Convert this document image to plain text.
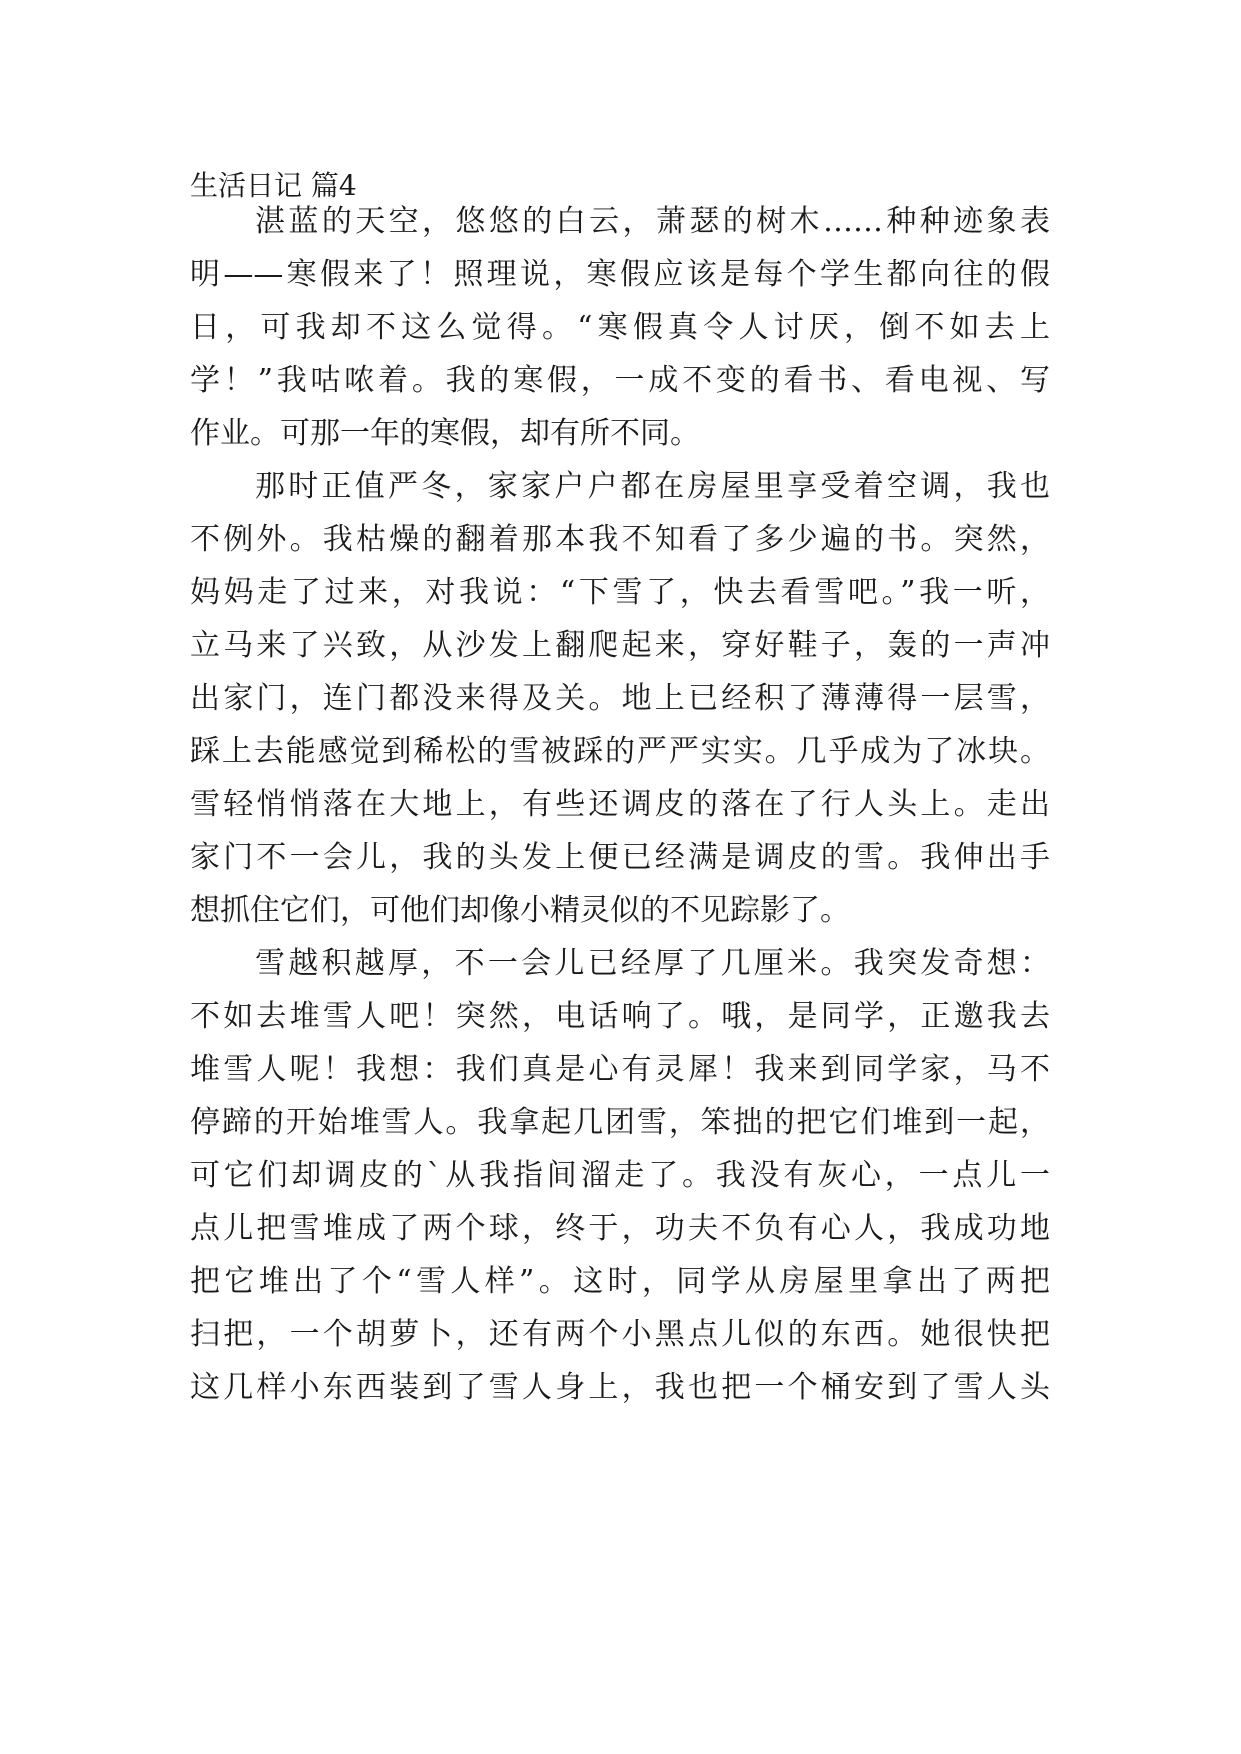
生活日记 篇4
湛蓝的天空，悠悠的白云，萧瑟的树木……种种迹象表
明——寒假来了！照理说，寒假应该是每个学生都向往的假
日，可我却不这么觉得。“寒假真令人讨厌，倒不如去上
学！”我咕哝着。我的寒假，一成不变的看书、看电视、写
作业。可那一年的寒假，却有所不同。
那时正值严冬，家家户户都在房屋里享受着空调，我也
不例外。我枯燥的翻着那本我不知看了多少遍的书。突然，
妈妈走了过来，对我说：“下雪了，快去看雪吧。”我一听，
立马来了兴致，从沙发上翻爬起来，穿好鞋子，轰的一声冲
出家门，连门都没来得及关。地上已经积了薄薄得一层雪，
踩上去能感觉到稀松的雪被踩的严严实实。几乎成为了冰块。
雪轻悄悄落在大地上，有些还调皮的落在了行人头上。走出
家门不一会儿，我的头发上便已经满是调皮的雪。我伸出手
想抓住它们，可他们却像小精灵似的不见踪影了。
雪越积越厚，不一会儿已经厚了几厘米。我突发奇想：
不如去堆雪人吧！突然，电话响了。哦，是同学，正邀我去
堆雪人呢！我想：我们真是心有灵犀！我来到同学家，马不
停蹄的开始堆雪人。我拿起几团雪，笨拙的把它们堆到一起，
可它们却调皮的`从我指间溜走了。我没有灰心，一点儿一
点儿把雪堆成了两个球，终于，功夫不负有心人，我成功地
把它堆出了个“雪人样”。这时，同学从房屋里拿出了两把
扫把，一个胡萝卜，还有两个小黑点儿似的东西。她很快把
这几样小东西装到了雪人身上，我也把一个桶安到了雪人头
